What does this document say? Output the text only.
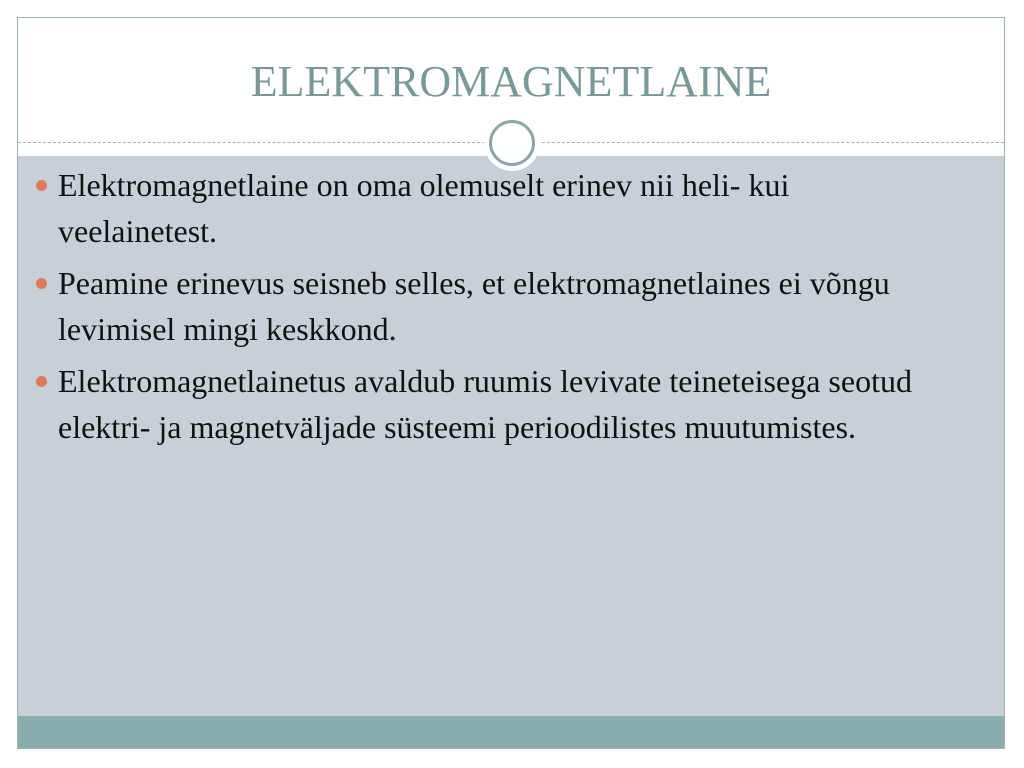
ELEKTROMAGNETLAINE
Elektromagnetlaine on oma olemuselt erinev nii heli- kui veelainetest.
Peamine erinevus seisneb selles, et elektromagnetlaines ei võngu levimisel mingi keskkond.
Elektromagnetlainetus avaldub ruumis levivate teineteisega seotud elektri- ja magnetväljade süsteemi perioodilistes muutumistes.
